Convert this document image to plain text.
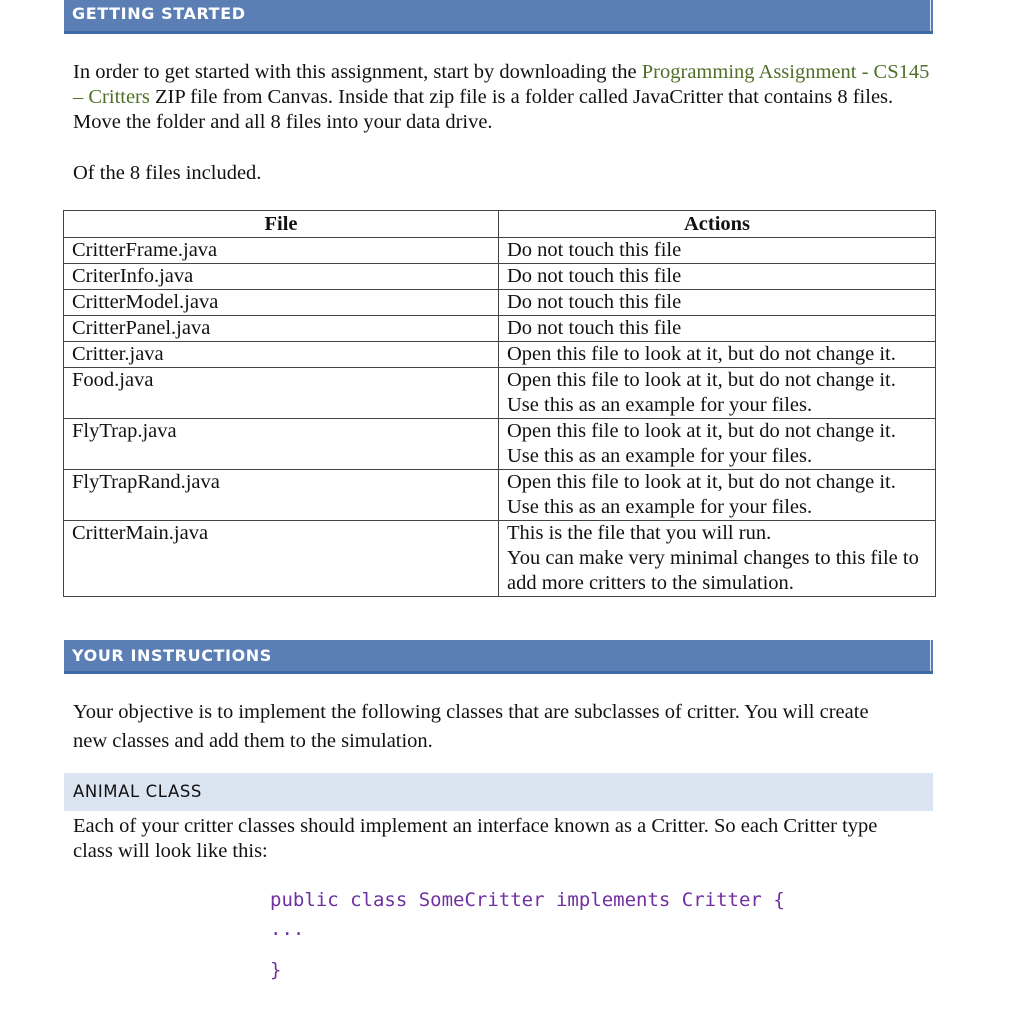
GETTING STARTED
In order to get started with this assignment, start by downloading the Programming Assignment - CS145 – Critters ZIP file from Canvas. Inside that zip file is a folder called JavaCritter that contains 8 files. Move the folder and all 8 files into your data drive.
Of the 8 files included.
File	Actions
CritterFrame.java	Do not touch this file

CriterInfo.java	Do not touch this file

CritterModel.java	Do not touch this file

CritterPanel.java	Do not touch this file

Critter.java	Open this file to look at it, but do not change it.

Food.java	Open this file to look at it, but do not change it.
Use this as an example for your files.

FlyTrap.java	Open this file to look at it, but do not change it.
Use this as an example for your files.

FlyTrapRand.java	Open this file to look at it, but do not change it.
Use this as an example for your files.

CritterMain.java	This is the file that you will run.
You can make very minimal changes to this file to add more critters to the simulation.
YOUR INSTRUCTIONS
Your objective is to implement the following classes that are subclasses of critter. You will create new classes and add them to the simulation.
ANIMAL CLASS
Each of your critter classes should implement an interface known as a Critter. So each Critter type class will look like this:
public class SomeCritter implements Critter {
...
}
